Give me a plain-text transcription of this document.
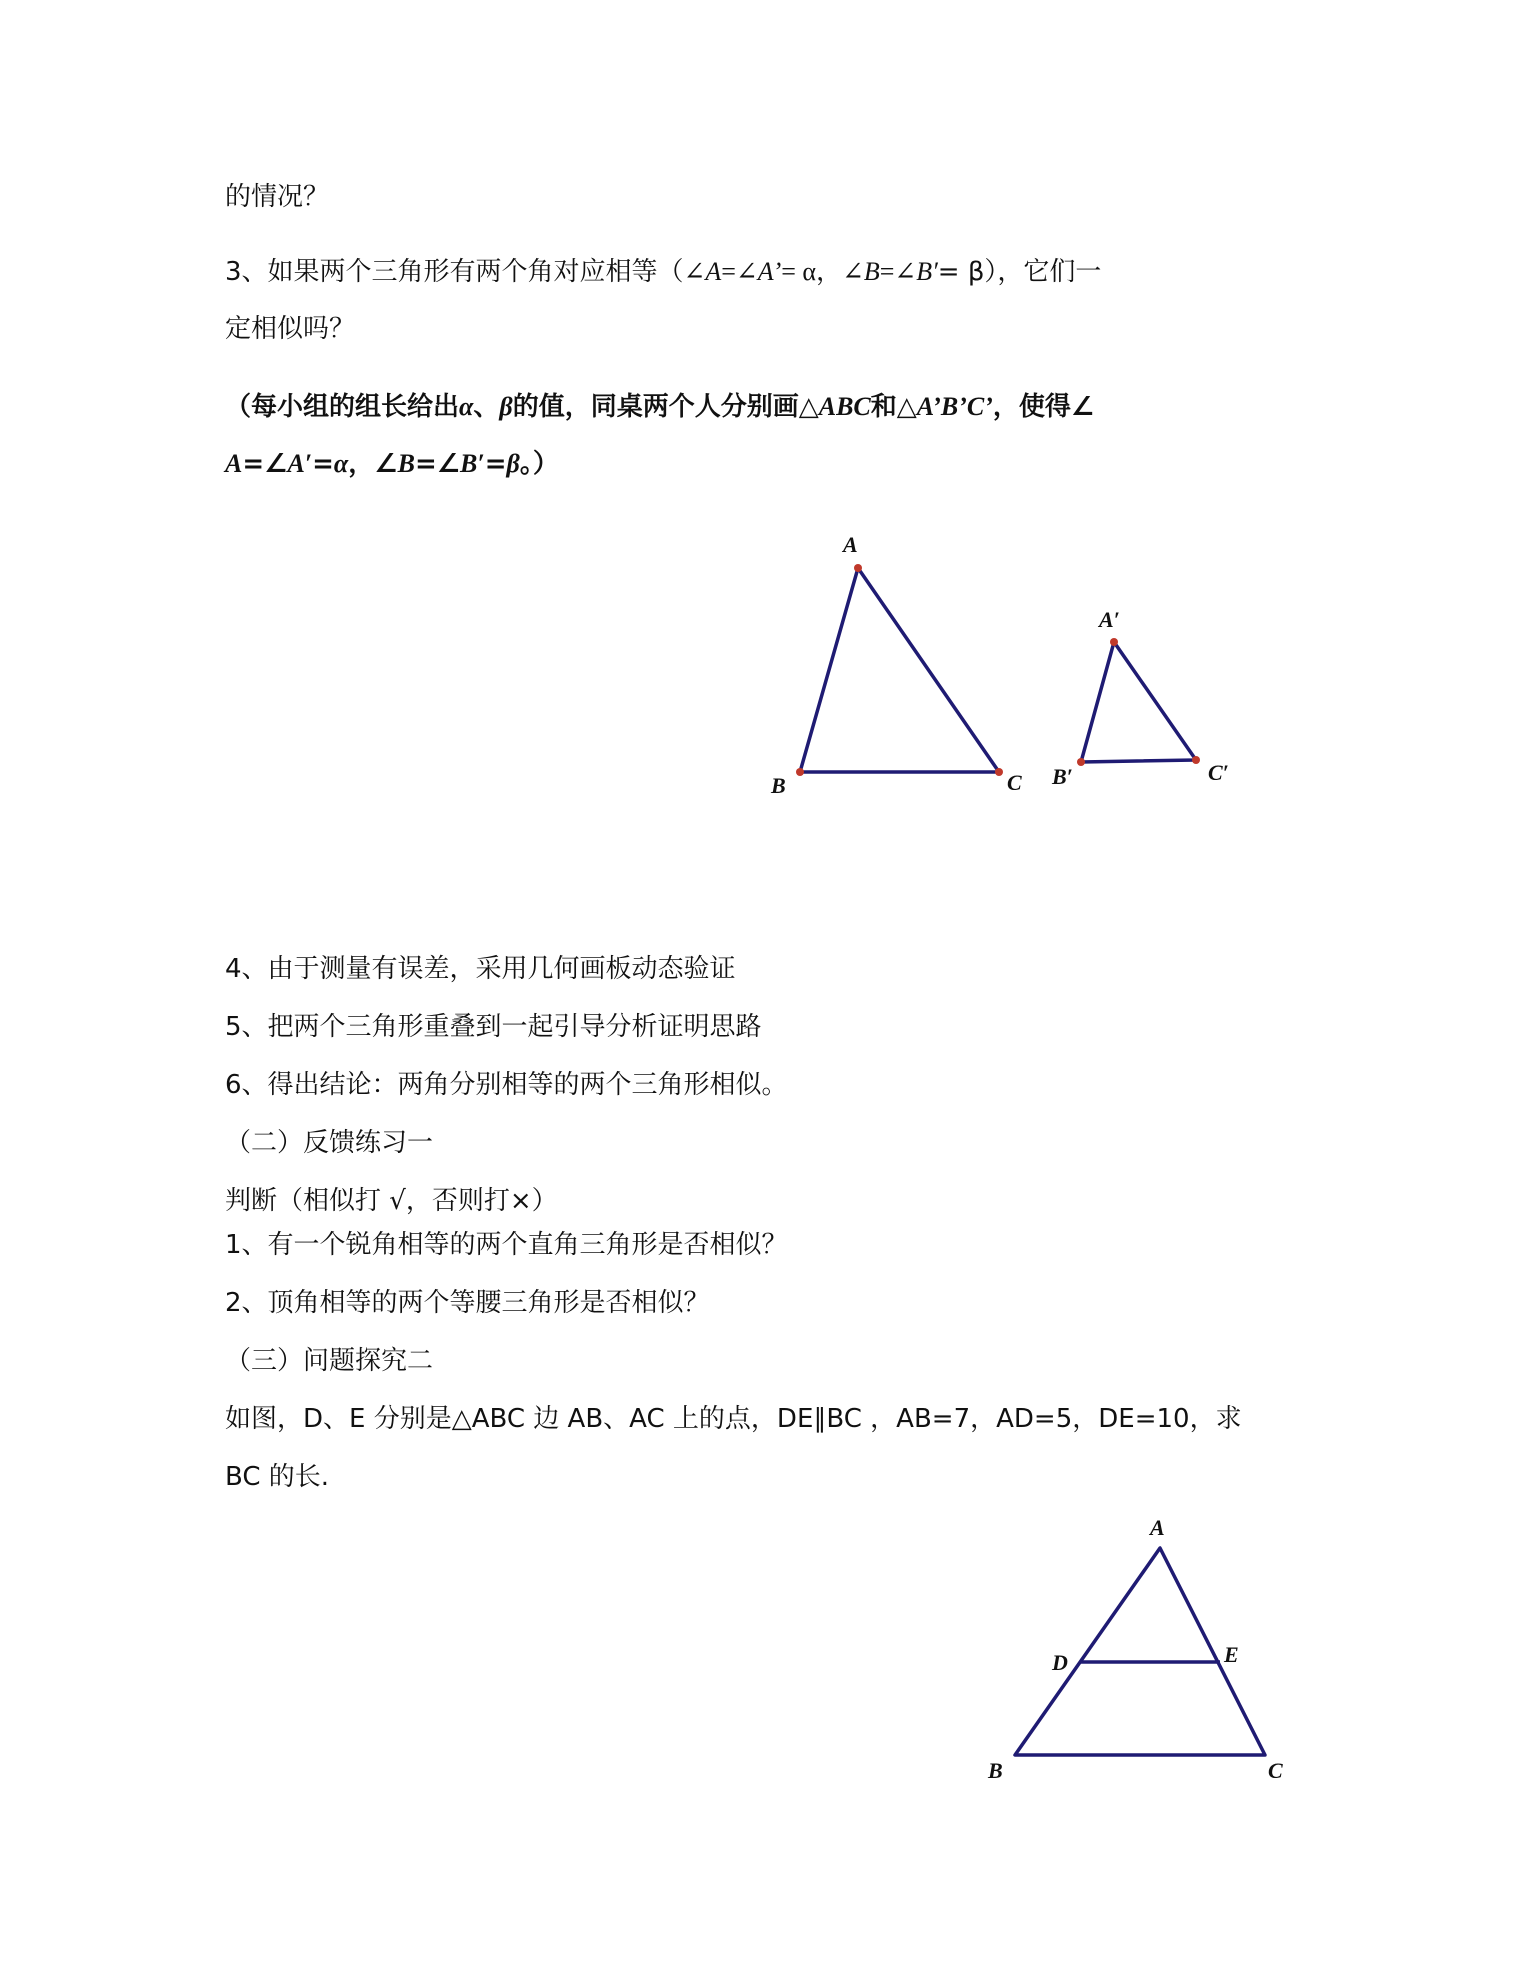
的情况？

3、如果两个三角形有两个角对应相等（∠A=∠A’= α，∠B=∠B′= β），它们一

定相似吗？

（每小组的组长给出α、β的值，同桌两个人分别画△ABC和△A’B’C’，使得∠

A=∠A′=α，∠B=∠B′=β。）

A
B	C
A′
B′	C′

4、由于测量有误差，采用几何画板动态验证

5、把两个三角形重叠到一起引导分析证明思路

6、得出结论：两角分别相等的两个三角形相似。

（二）反馈练习一

判断（相似打 √，否则打×）

1、有一个锐角相等的两个直角三角形是否相似？

2、顶角相等的两个等腰三角形是否相似？

（三）问题探究二

如图，D、E 分别是△ABC 边 AB、AC 上的点，DE∥BC ，AB=7，AD=5，DE=10，求

BC 的长.

A
B	C
D	E
